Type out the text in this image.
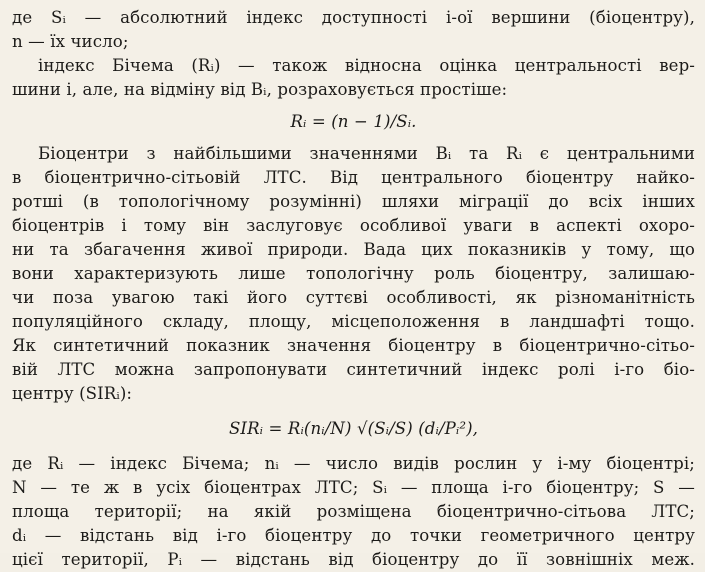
де Sᵢ — абсолютний індекс доступності i-ої вершини (біоцентру),
n — їх число;
індекс Бічема (Rᵢ) — також відносна оцінка центральності вер-
шини i, але, на відміну від Bᵢ, розраховується простіше:
Rᵢ = (n − 1)/Sᵢ.
Біоцентри з найбільшими значеннями Bᵢ та Rᵢ є центральними
в біоцентрично-сітьовій ЛТС. Від центрального біоцентру найко-
ротші (в топологічному розумінні) шляхи міграції до всіх інших
біоцентрів і тому він заслуговує особливої уваги в аспекті охоро-
ни та збагачення живої природи. Вада цих показників у тому, що
вони характеризують лише топологічну роль біоцентру, залишаю-
чи поза увагою такі його суттєві особливості, як різноманітність
популяційного складу, площу, місцеположення в ландшафті тощо.
Як синтетичний показник значення біоцентру в біоцентрично-сітьо-
вій ЛТС можна запропонувати синтетичний індекс ролі i-го біо-
центру (SIRᵢ):
SIRᵢ = Rᵢ(nᵢ/N) √(Sᵢ/S) (dᵢ/Pᵢ²),
де Rᵢ — індекс Бічема; nᵢ — число видів рослин у i-му біоцентрі;
N — те ж в усіх біоцентрах ЛТС; Sᵢ — площа i-го біоцентру; S —
площа території; на якій розміщена біоцентрично-сітьова ЛТС;
dᵢ — відстань від i-го біоцентру до точки геометричного центру
цієї території, Pᵢ — відстань від біоцентру до її зовнішніх меж.
